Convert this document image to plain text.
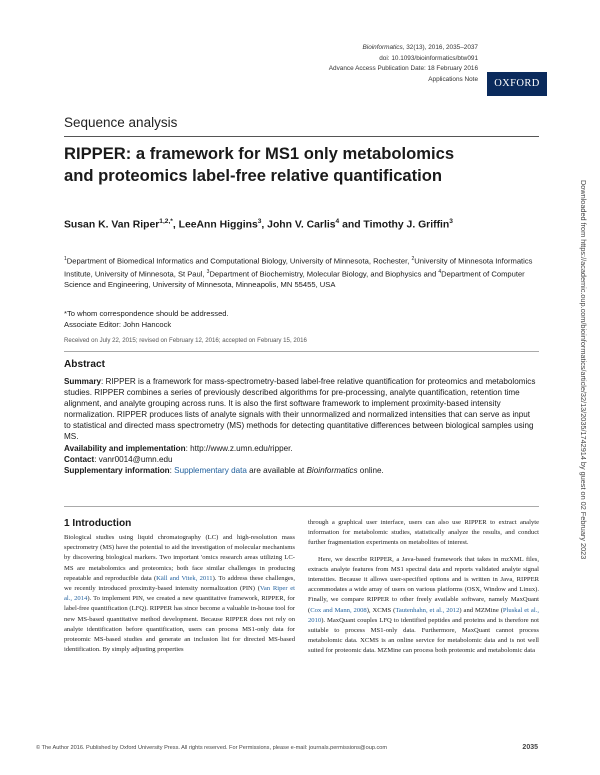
Bioinformatics, 32(13), 2016, 2035–2037
doi: 10.1093/bioinformatics/btw091
Advance Access Publication Date: 18 February 2016
Applications Note	OXFORD
Sequence analysis
RIPPER: a framework for MS1 only metabolomics and proteomics label-free relative quantification
Susan K. Van Riper$^{1,2,*}$, LeeAnn Higgins$^3$, John V. Carlis$^4$ and Timothy J. Griffin$^3$
$^1$Department of Biomedical Informatics and Computational Biology, University of Minnesota, Rochester, $^2$University of Minnesota Informatics Institute, University of Minnesota, St Paul, $^3$Department of Biochemistry, Molecular Biology, and Biophysics and $^4$Department of Computer Science and Engineering, University of Minnesota, Minneapolis, MN 55455, USA
*To whom correspondence should be addressed.
Associate Editor: John Hancock
Received on July 22, 2015; revised on February 12, 2016; accepted on February 15, 2016
Abstract
Summary: RIPPER is a framework for mass-spectrometry-based label-free relative quantification for proteomics and metabolomics studies. RIPPER combines a series of previously described algorithms for pre-processing, analyte quantification, retention time alignment, and analyte grouping across runs. It is also the first software framework to implement proximity-based intensity normalization. RIPPER produces lists of analyte signals with their unnormalized and normalized intensities that can serve as input to statistical and directed mass spectrometry (MS) methods for detecting quantitative differences between biological samples using MS.
Availability and implementation: http://www.z.umn.edu/ripper.
Contact: vanr0014@umn.edu
Supplementary information: Supplementary data are available at Bioinformatics online.
1 Introduction

Biological studies using liquid chromatography (LC) and high-resolution mass spectrometry (MS) have the potential to aid the investigation of molecular mechanisms by discovering biological markers. Two important 'omics research areas utilizing LC-MS are metabolomics and proteomics; both face similar challenges in producing repeatable and reproducible data (Käll and Vitek, 2011). To address these challenges, we recently introduced proximity-based intensity normalization (PIN) (Van Riper et al., 2014). To implement PIN, we created a new quantitative framework, RIPPER, for label-free quantification (LFQ). RIPPER has since become a valuable in-house tool for new MS-based quantitative method development. Because RIPPER does not rely on analyte identification before quantification, users can process MS1-only data for proteomic MS-based studies and generate an inclusion list for directed MS-based identification. By simply adjusting properties

through a graphical user interface, users can also use RIPPER to extract analyte information for metabolomic studies, statistically analyze the results, and conduct further fragmentation experiments on metabolites of interest.

Here, we describe RIPPER, a Java-based framework that takes in mzXML files, extracts analyte features from MS1 spectral data and reports validated analyte signal intensities. Because it allows user-specified options and is written in Java, RIPPER accommodates a wide array of users on various platforms (OSX, Window and Linux). Finally, we compare RIPPER to other freely available software, namely MaxQuant (Cox and Mann, 2008), XCMS (Tautenhahn, et al., 2012) and MZMine (Pluskal et al., 2010). MaxQuant couples LFQ to identified peptides and proteins and is therefore not suitable to process MS1-only data. Furthermore, MaxQuant cannot process metabolomic data. XCMS is an online service for metabolomic data and is not well suited for proteomic data. MZMine can process both proteomic and metabolomic data

© The Author 2016. Published by Oxford University Press. All rights reserved. For Permissions, please e-mail: journals.permissions@oup.com	2035
Downloaded from https://academic.oup.com/bioinformatics/article/32/13/2035/1742914 by guest on 02 February 2023
